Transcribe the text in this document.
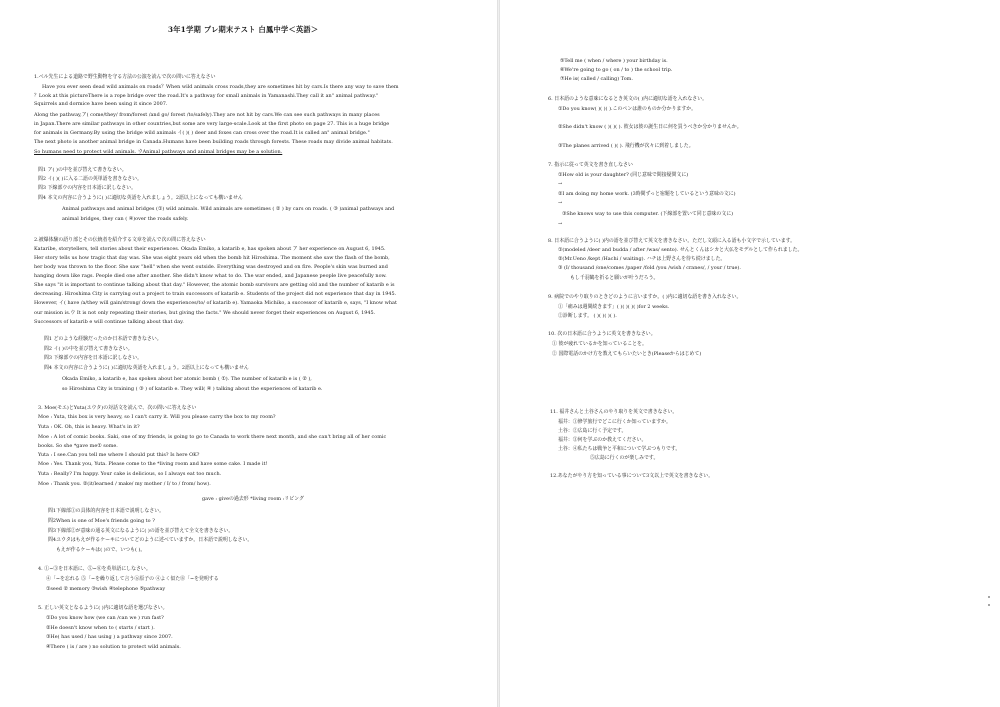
3年1学期 プレ期末テスト 白鳳中学＜英語＞
1.ベル先生による道路で野生動物を守る方法の公演を読んで次の問いに答えなさい
Have you ever seen dead wild animals on roads？When wild animals cross roads,they are sometimes hit by cars.Is there any way to save them
？Look at this pictureThere is a rope bridge over the road.It's a pathway for small animals in Yamanashi.They call it an" animal pathway."
Squirrels and dormice have been using it since 2007.
Along the pathway,ア( come/they/ from/forest /and go/ forest /to/safely).They are not hit by cars.We can see such pathways in many places
in Japan.There are similar pathways in other countries,but some are very large-scale.Look at the first photo on page 27. This is a huge bridge
for animals in Germany.By using the bridge wild animals イ( )( ) deer and foxes can cross over the road.It is called an" animal bridge."
The next photo is another animal bridge in Canada.Humans have been building roads through forests. These roads may divide animal habitats.
So humans need to protect wild animals. ウAnimal pathways and animal bridges may be a solution.
問1 ア( )の中を並び替えて書きなさい。
問2 イ( )( )に入る二語の英単語を書きなさい。
問3 下線部ウの内容を日本語に訳しなさい。
問4 本文の内容に合うように( )に適切な英語を入れましょう。2語以上になっても構いません
Animal pathways and animal bridges (①) wild animals. Wild animals are sometimes ( ② ) by cars on roads. ( ③ )animal pathways and
animal bridges, they can ( ④)over the roads safely.
2.被爆体験の語り部とその伝統者を紹介する文章を読んで次の問に答えなさい
Kataribe, storytellers, tell stories about their experiences. Okada Emiko, a katarib e, has spoken about ア her experience on August 6, 1945.
Her story tells us how tragic that day was. She was eight years old when the bomb hit Hiroshima. The moment she saw the flash of the bomb,
her body was thrown to the floor. She saw "hell" when she went outside. Everything was destroyed and on fire. People's skin was burned and
hanging down like rags. People died one after another. She didn't know what to do. The war ended, and Japanese people live peacefully now.
She says "it is important to continue talking about that day." However, the atomic bomb survivors are getting old and the number of katarib e is
decreasing. Hiroshima City is carrying out a project to train successors of katarib e. Students of the project did not experience that day in 1945.
However, イ( have /a/they will gain/strong/ down the experiences/to/ of katarib e). Yamaoka Michiko, a successor of katarib e, says, "I know what
our mission is.ウ It is not only repeating their stories, but giving the facts." We should never forget their experiences on August 6, 1945.
Successors of katarib e will continue talking about that day.
問1 どのような経験だったのか日本語で書きなさい。
問2 イ( )の中を並び替えて書きなさい。
問3 下線部ウの内容を日本語に訳しなさい。
問4 本文の内容に合うように( )に適切な英語を入れましょう。2語以上になっても構いません
Okada Emiko, a katarib e, has spoken about her atomic bomb ( ①). The number of katarib e is ( ② ),
so Hiroshima City is training ( ③ ) of katarib e. They will( ④ ) talking about the experiences of katarib e.
3. Moe(モエ)とYuta(ユウタ)の対話文を読んで、次の問いに答えなさい
Moe : Yuta, this box is very heavy, so I can't carry it. Will you please carry the box to my room?
Yuta : OK. Oh, this is heavy. What's in it?
Moe : A lot of comic books. Saki, one of my friends, is going to go to Canada to work there next month, and she can't bring all of her comic
books. So she *gave me① some.
Yuta : I see.Can you tell me where I should put this? Is here OK?
Moe : Yes. Thank you, Yuta. Please come to the *living room and have some cake. I made it!
Yuta : Really? I'm happy. Your cake is delicious, so I always eat too much.
Moe : Thank you. ②(it/learned / make/ my mother / I/ to / from/ how).
gave : giveの過去形 *living room :リビング
問1下線部①の具体的内容を日本語で説明しなさい。
問2When is one of Moe's friends going to ?
問3下線部②が意味の通る英文になるように( )の語を並び替えて全文を書きなさい。
問4ユウタはもえが作るケーキについてどのように述べていますか。日本語で説明しなさい。
もえが作るケーキは( )ので、いつも( )。
4. ①~③を日本語に、⑤~⑧を英単語にしなさい。
④「~を忘れる ⑤「~を繰り返して言う⑥原子の ④よく似た⑧「~を発明する
①seed ② memory ③wish ④telephone ⑤pathway
5. 正しい英文となるように( )内に適切な語を選びなさい。
①Do you know how (we can /can we ) run fast?
②He doesn't know when to ( starts / start ).
③He( has used / has using ) a pathway since 2007.
④There ( is / are ) no solution to protect wild animals.
⑤Tell me ( when / where ) your birthday is.
⑥We're going to go ( on / to ) the school trip.
⑦He is( called / calling) Tom.
6. 日本語のような意味になるとき英文の( )内に適切な語を入れなさい。
①Do you know( )( )( ).このペンは誰のものか分かりますか。
②She didn't know ( )( )( ). 彼女は彼の誕生日に何を買うべきか分かりませんか。
③The planes arrived ( )( ). 飛行機が次々に到着しました。
7. 指示に従って英文を書き直しなさい
①How old is your daughter? (同じ意味で間接疑問文に)
→
②I am doing my home work. (3時間ずっと宿題をしているという意味の文に)
→
③She knows way to use this computer. (下線部を置いて同じ意味の文に)
→
8. 日本語に合うように( )内の語を並び替えて英文を書きなさい。ただし文頭に入る語も小文字で示しています。
①(modeled /deer and budda / after /was/ sento). せんとくんはシカと大仏をモデルとして作られました。
②(Mr.Ueno /kept /Hachi / waiting). ハチは上野さんを待ち続けました。
③ (I/ thousand /one/comes /paper /fold /you /wish / cranes/, / your / true).
もし千羽鶴を折ると願いが叶うだろう。
9. 病院でのやり取りのときどのように言いますか。( )内に適切な語を書き入れなさい。
①「痛みは週間続きます」( )( )( )( )for 2 weeks.
②診断します。 ( )( )( )( ).
10. 次の日本語に合うように英文を書きなさい。
① 彼が疲れているかを知っていることを。
② 国際電話のかけ方を教えてもらいたいとき(Pleaseからはじめて)
11. 福井さんと土谷さんのやり取りを英文で書きなさい。
福井：①修学旅行でどこに行くか知っていますか。
土谷：②広島に行く予定です。
福井：③何を学ぶのか教えてください。
土谷：④私たちは戦争と平和について学ぶつもりです。
⑤広島に行くのが楽しみです。
12.あなたがやり方を知っている事について3文以上で英文を書きなさい。
